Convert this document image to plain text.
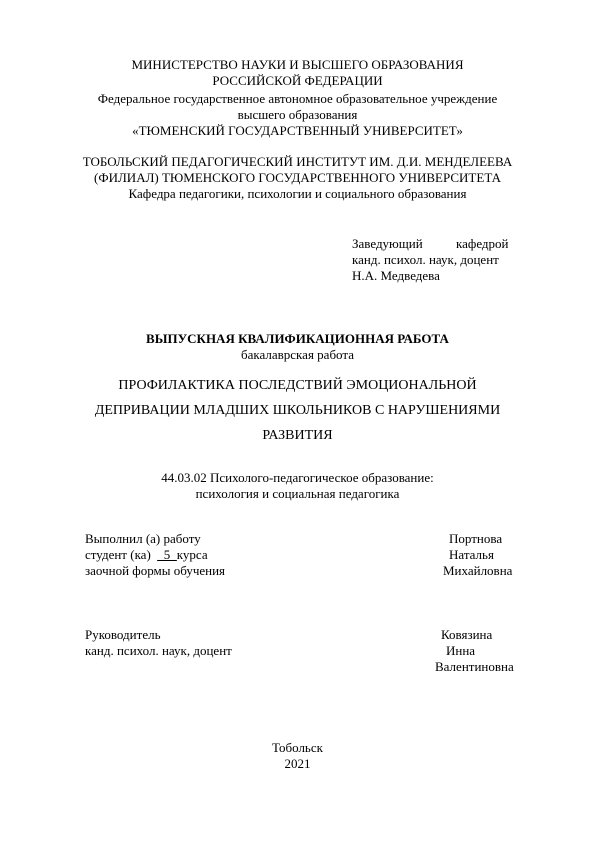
МИНИСТЕРСТВО НАУКИ И ВЫСШЕГО ОБРАЗОВАНИЯ
РОССИЙСКОЙ ФЕДЕРАЦИИ
Федеральное государственное автономное образовательное учреждение
высшего образования
«ТЮМЕНСКИЙ ГОСУДАРСТВЕННЫЙ УНИВЕРСИТЕТ»
ТОБОЛЬСКИЙ ПЕДАГОГИЧЕСКИЙ ИНСТИТУТ ИМ. Д.И. МЕНДЕЛЕЕВА
(ФИЛИАЛ) ТЮМЕНСКОГО ГОСУДАРСТВЕННОГО УНИВЕРСИТЕТА
Кафедра педагогики, психологии и социального образования
Заведующий	кафедрой
канд. психол. наук, доцент
Н.А. Медведева
ВЫПУСКНАЯ КВАЛИФИКАЦИОННАЯ РАБОТА
бакалаврская работа
ПРОФИЛАКТИКА ПОСЛЕДСТВИЙ ЭМОЦИОНАЛЬНОЙ
ДЕПРИВАЦИИ МЛАДШИХ ШКОЛЬНИКОВ С НАРУШЕНИЯМИ
РАЗВИТИЯ
44.03.02 Психолого-педагогическое образование:
психология и социальная педагогика
Выполнил (а) работу
студент (ка) _5_курса
заочной формы обучения
Портнова
Наталья
Михайловна
Руководитель
канд. психол. наук, доцент
Ковязина
Инна
Валентиновна
Тобольск
2021
